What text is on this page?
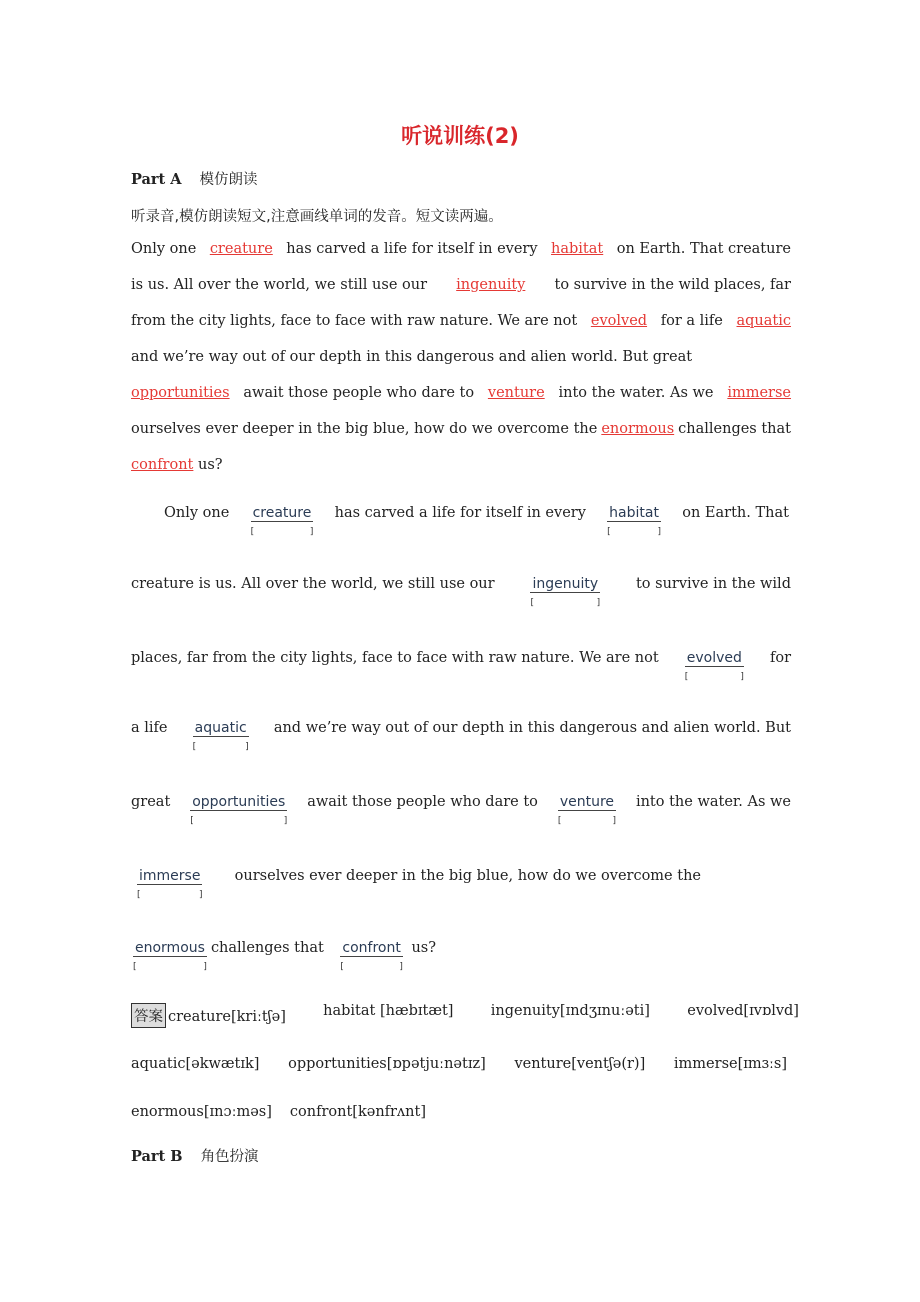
听说训练(2)
Part A 模仿朗读
听录音,模仿朗读短文,注意画线单词的发音。短文读两遍。
Only one creature has carved a life for itself in every habitat on Earth. That creature
is us. All over the world, we still use our ingenuity to survive in the wild places, far
from the city lights, face to face with raw nature. We are not evolved for a life aquatic
and we’re way out of our depth in this dangerous and alien world. But great
opportunities await those people who dare to venture into the water. As we immerse
ourselves ever deeper in the big blue, how do we overcome the enormous challenges that
confront us?
Only one creature
[	]
has carved a life for itself in every habitat
[	]
on Earth. That
creature is us. All over the world, we still use our	ingenuity
[	]
to survive in the wild
places, far from the city lights, face to face with raw nature. We are not evolved
[	]
for
a life aquatic
[	]
and we’re way out of our depth in this dangerous and alien world. But
great opportunities
[	]
await those people who dare to venture
[	]
into the water. As we
immerse
[	]
ourselves ever deeper in the big blue, how do we overcome the
enormous
[	]
challenges that confront
[	]
us?
答案 creature[kriːtʃə]	habitat [hæbɪtæt]	ingenuity[ɪndʒɪnuːəti]	evolved[ɪvɒlvd]
aquatic[əkwætɪk] opportunities[ɒpətjuːnətɪz] venture[ventʃə(r)] immerse[ɪmɜːs]
enormous[ɪnɔːməs] confront[kənfrʌnt]
Part B 角色扮演
